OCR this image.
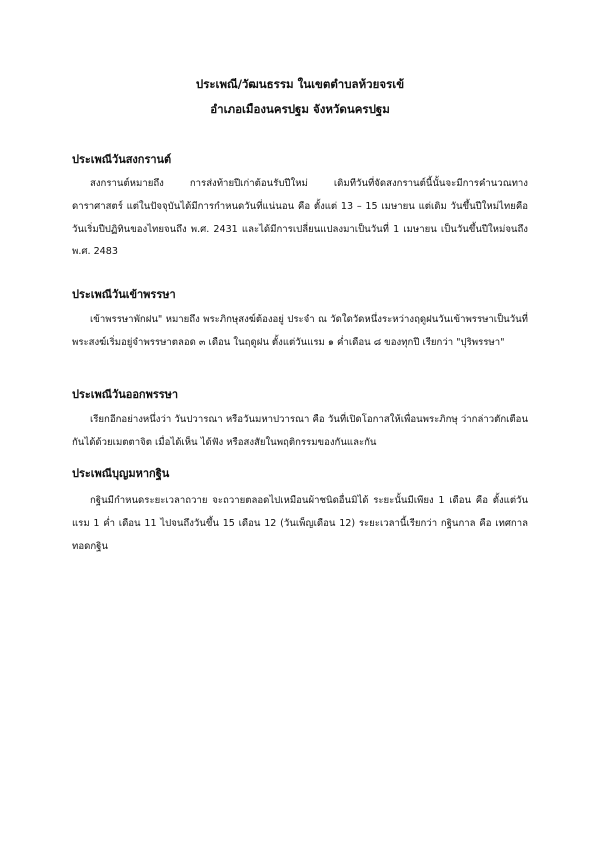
ประเพณี/วัฒนธรรม ในเขตตำบลห้วยจรเข้
อำเภอเมืองนครปฐม จังหวัดนครปฐม
ประเพณีวันสงกรานต์

สงกรานต์หมายถึง การส่งท้ายปีเก่าต้อนรับปีใหม่ เดิมทีวันที่จัดสงกรานต์นี้นั้นจะมีการคำนวณทางดาราศาสตร์ แต่ในปัจจุบันได้มีการกำหนดวันที่แน่นอน คือ ตั้งแต่ 13 – 15 เมษายน แต่เดิม วันขึ้นปีใหม่ไทยคือ วันเริ่มปีปฏิทินของไทยจนถึง พ.ศ. 2431 และได้มีการเปลี่ยนแปลงมาเป็นวันที่ 1 เมษายน เป็นวันขึ้นปีใหม่จนถึงพ.ศ. 2483

ประเพณีวันเข้าพรรษา

เข้าพรรษาพักฝน" หมายถึง พระภิกษุสงฆ์ต้องอยู่ ประจำ ณ วัดใดวัดหนึ่งระหว่างฤดูฝนวันเข้าพรรษาเป็นวันที่พระสงฆ์เริ่มอยู่จำพรรษาตลอด ๓ เดือน ในฤดูฝน ตั้งแต่วันแรม ๑ ค่ำเดือน ๘ ของทุกปี เรียกว่า "ปุริพรรษา"

ประเพณีวันออกพรรษา

เรียกอีกอย่างหนึ่งว่า วันปวารณา หรือวันมหาปวารณา คือ วันที่เปิดโอกาสให้เพื่อนพระภิกษุ ว่ากล่าวตักเตือนกันได้ด้วยเมตตาจิต เมื่อได้เห็น ได้ฟัง หรือสงสัยในพฤติกรรมของกันและกัน

ประเพณีบุญมหากฐิน

กฐินมีกำหนดระยะเวลาถวาย จะถวายตลอดไปเหมือนผ้าชนิดอื่นมิได้ ระยะนั้นมีเพียง 1 เดือน คือ ตั้งแต่วันแรม 1 ค่ำ เดือน 11 ไปจนถึงวันขึ้น 15 เดือน 12 (วันเพ็ญเดือน 12) ระยะเวลานี้เรียกว่า กฐินกาล คือ เทศกาลทอดกฐิน
